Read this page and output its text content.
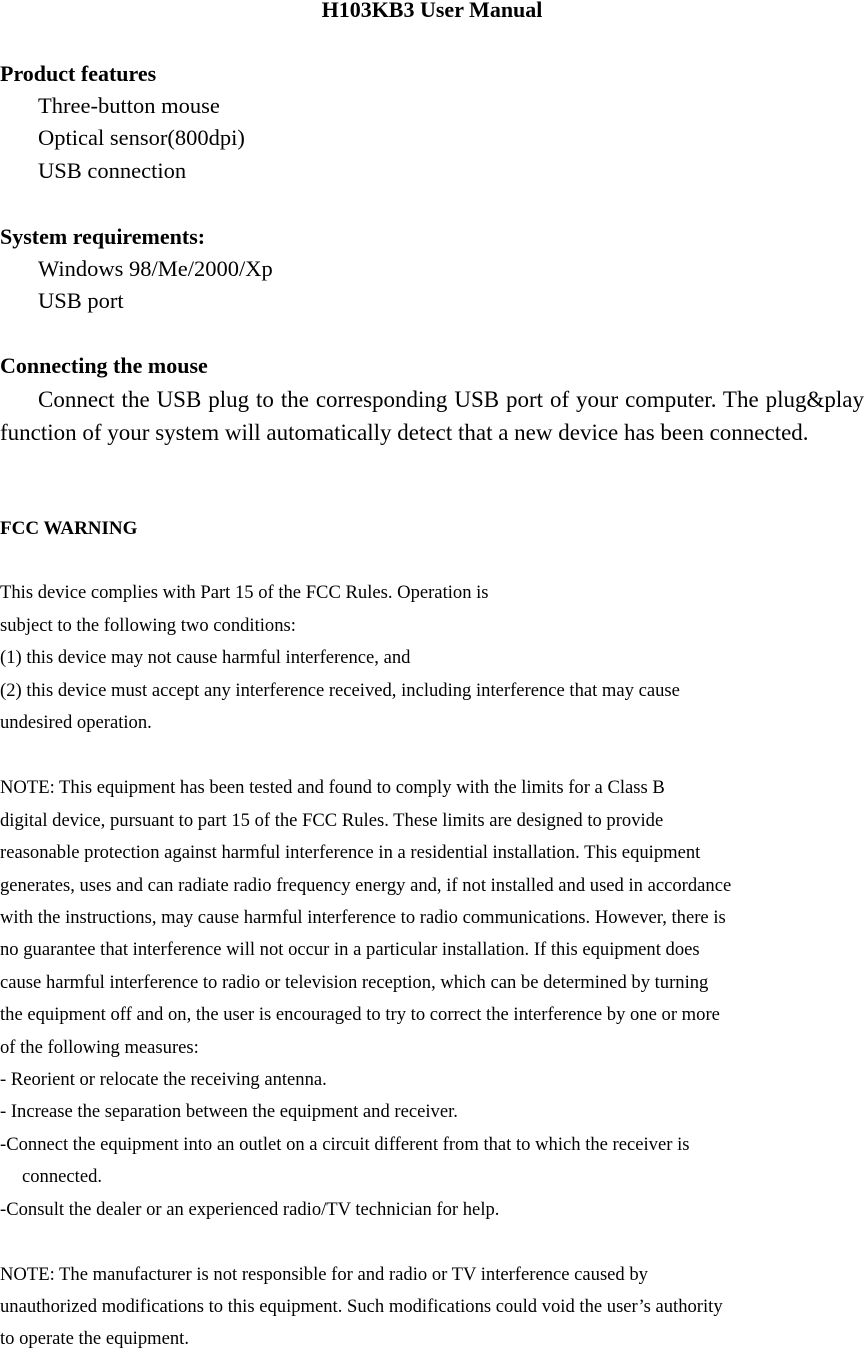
H103KB3 User Manual
Product features
Three-button mouse
Optical sensor(800dpi)
USB connection
System requirements:
Windows 98/Me/2000/Xp
USB port
Connecting the mouse

Connect the USB plug to the corresponding USB port of your computer. The plug&play function of your system will automatically detect that a new device has been connected.

FCC WARNING
This device complies with Part 15 of the FCC Rules. Operation is
subject to the following two conditions:
(1) this device may not cause harmful interference, and
(2) this device must accept any interference received, including interference that may cause
undesired operation.
NOTE: This equipment has been tested and found to comply with the limits for a Class B
digital device, pursuant to part 15 of the FCC Rules. These limits are designed to provide
reasonable protection against harmful interference in a residential installation. This equipment
generates, uses and can radiate radio frequency energy and, if not installed and used in accordance
with the instructions, may cause harmful interference to radio communications. However, there is
no guarantee that interference will not occur in a particular installation. If this equipment does
cause harmful interference to radio or television reception, which can be determined by turning
the equipment off and on, the user is encouraged to try to correct the interference by one or more
of the following measures:
- Reorient or relocate the receiving antenna.
- Increase the separation between the equipment and receiver.
-Connect the equipment into an outlet on a circuit different from that to which the receiver is
connected.
-Consult the dealer or an experienced radio/TV technician for help.
NOTE: The manufacturer is not responsible for and radio or TV interference caused by
unauthorized modifications to this equipment. Such modifications could void the user’s authority
to operate the equipment.
